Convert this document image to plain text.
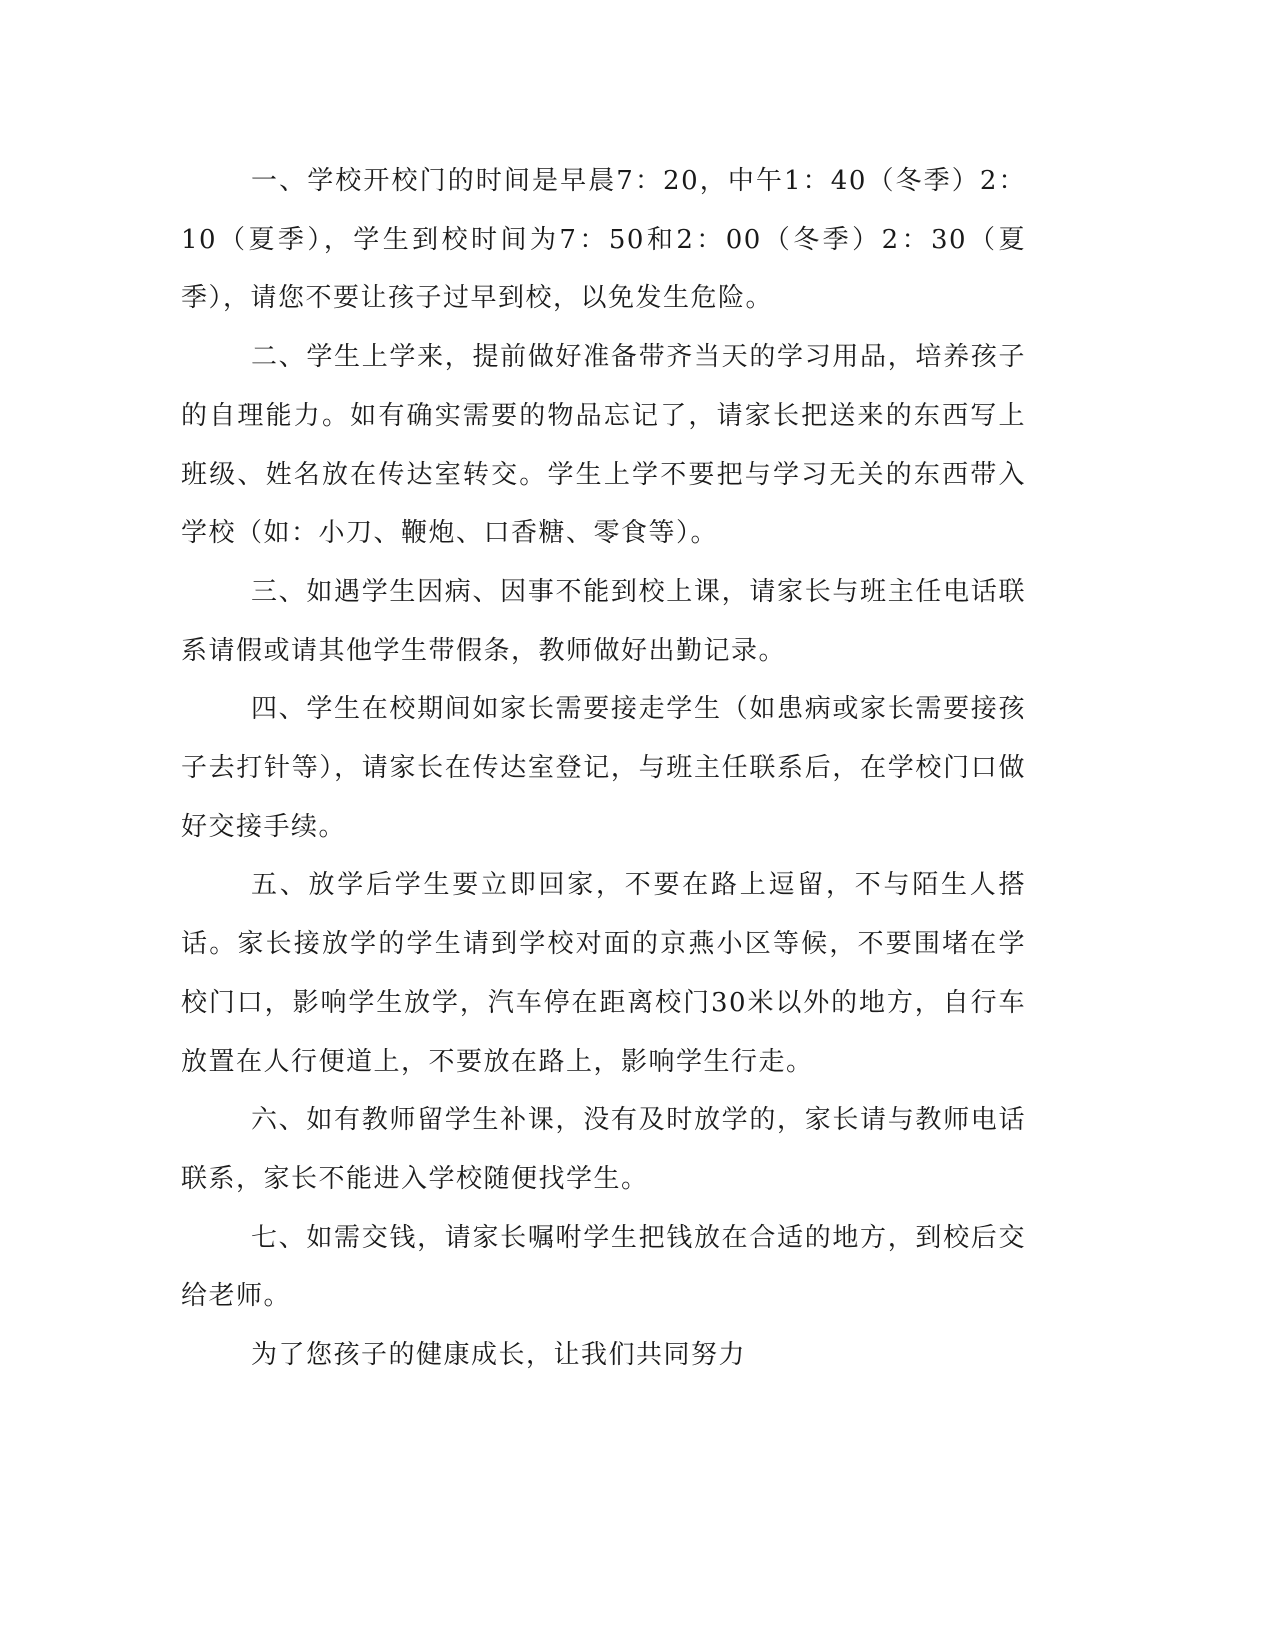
一、学校开校门的时间是早晨7：20，中午1：40（冬季）2：10（夏季），学生到校时间为7：50和2：00（冬季）2：30（夏季），请您不要让孩子过早到校，以免发生危险。

二、学生上学来，提前做好准备带齐当天的学习用品，培养孩子的自理能力。如有确实需要的物品忘记了，请家长把送来的东西写上班级、姓名放在传达室转交。学生上学不要把与学习无关的东西带入学校（如：小刀、鞭炮、口香糖、零食等）。

三、如遇学生因病、因事不能到校上课，请家长与班主任电话联系请假或请其他学生带假条，教师做好出勤记录。

四、学生在校期间如家长需要接走学生（如患病或家长需要接孩子去打针等），请家长在传达室登记，与班主任联系后，在学校门口做好交接手续。

五、放学后学生要立即回家，不要在路上逗留，不与陌生人搭话。家长接放学的学生请到学校对面的京燕小区等候，不要围堵在学校门口，影响学生放学，汽车停在距离校门30米以外的地方，自行车放置在人行便道上，不要放在路上，影响学生行走。

六、如有教师留学生补课，没有及时放学的，家长请与教师电话联系，家长不能进入学校随便找学生。

七、如需交钱，请家长嘱咐学生把钱放在合适的地方，到校后交给老师。

为了您孩子的健康成长，让我们共同努力
